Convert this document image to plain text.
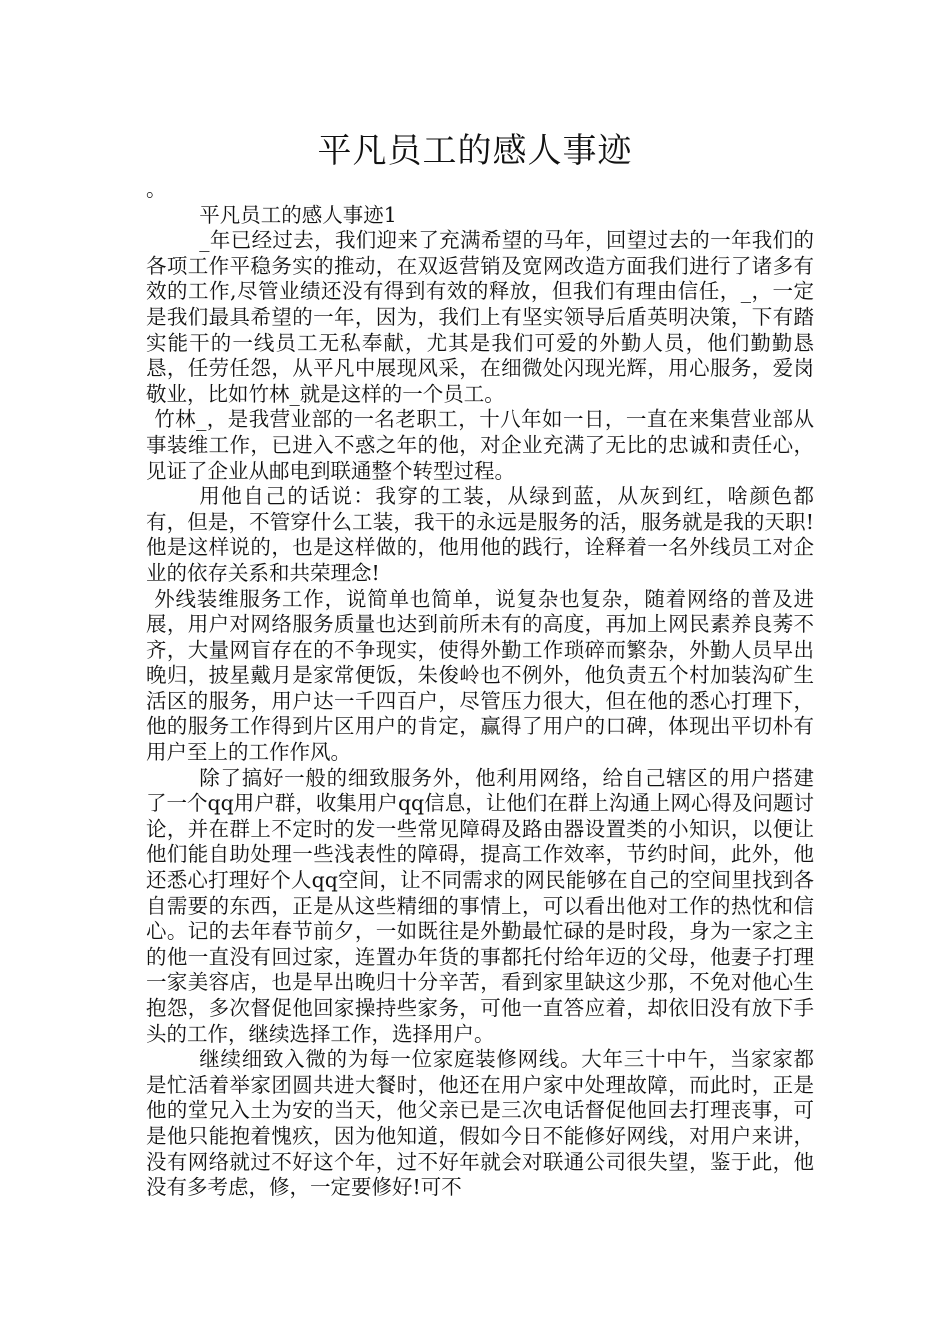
平凡员工的感人事迹

。

平凡员工的感人事迹1

_年已经过去，我们迎来了充满希望的马年，回望过去的一年我们的各项工作平稳务实的推动，在双返营销及宽网改造方面我们进行了诸多有效的工作,尽管业绩还没有得到有效的释放，但我们有理由信任，_，一定是我们最具希望的一年，因为，我们上有坚实领导后盾英明决策，下有踏实能干的一线员工无私奉献，尤其是我们可爱的外勤人员，他们勤勤恳恳，任劳任怨，从平凡中展现风采，在细微处闪现光辉，用心服务，爱岗敬业，比如竹林_就是这样的一个员工。

竹林_，是我营业部的一名老职工，十八年如一日，一直在来集营业部从事装维工作，已进入不惑之年的他，对企业充满了无比的忠诚和责任心，见证了企业从邮电到联通整个转型过程。

用他自己的话说：我穿的工装，从绿到蓝，从灰到红，啥颜色都有，但是，不管穿什么工装，我干的永远是服务的活，服务就是我的天职!他是这样说的，也是这样做的，他用他的践行，诠释着一名外线员工对企业的依存关系和共荣理念!

外线装维服务工作，说简单也简单，说复杂也复杂，随着网络的普及进展，用户对网络服务质量也达到前所未有的高度，再加上网民素养良莠不齐，大量网盲存在的不争现实，使得外勤工作琐碎而繁杂，外勤人员早出晚归，披星戴月是家常便饭，朱俊岭也不例外，他负责五个村加装沟矿生活区的服务，用户达一千四百户，尽管压力很大，但在他的悉心打理下，他的服务工作得到片区用户的肯定，赢得了用户的口碑，体现出平切朴有用户至上的工作作风。

除了搞好一般的细致服务外，他利用网络，给自己辖区的用户搭建了一个qq用户群，收集用户qq信息，让他们在群上沟通上网心得及问题讨论，并在群上不定时的发一些常见障碍及路由器设置类的小知识，以便让他们能自助处理一些浅表性的障碍，提高工作效率，节约时间，此外，他还悉心打理好个人qq空间，让不同需求的网民能够在自己的空间里找到各自需要的东西，正是从这些精细的事情上，可以看出他对工作的热忱和信心。记的去年春节前夕，一如既往是外勤最忙碌的是时段，身为一家之主的他一直没有回过家，连置办年货的事都托付给年迈的父母，他妻子打理一家美容店，也是早出晚归十分辛苦，看到家里缺这少那，不免对他心生抱怨，多次督促他回家操持些家务，可他一直答应着，却依旧没有放下手头的工作，继续选择工作，选择用户。

继续细致入微的为每一位家庭装修网线。大年三十中午，当家家都是忙活着举家团圆共进大餐时，他还在用户家中处理故障，而此时，正是他的堂兄入土为安的当天，他父亲已是三次电话督促他回去打理丧事，可是他只能抱着愧疚，因为他知道，假如今日不能修好网线，对用户来讲，没有网络就过不好这个年，过不好年就会对联通公司很失望，鉴于此，他没有多考虑，修，一定要修好!可不
